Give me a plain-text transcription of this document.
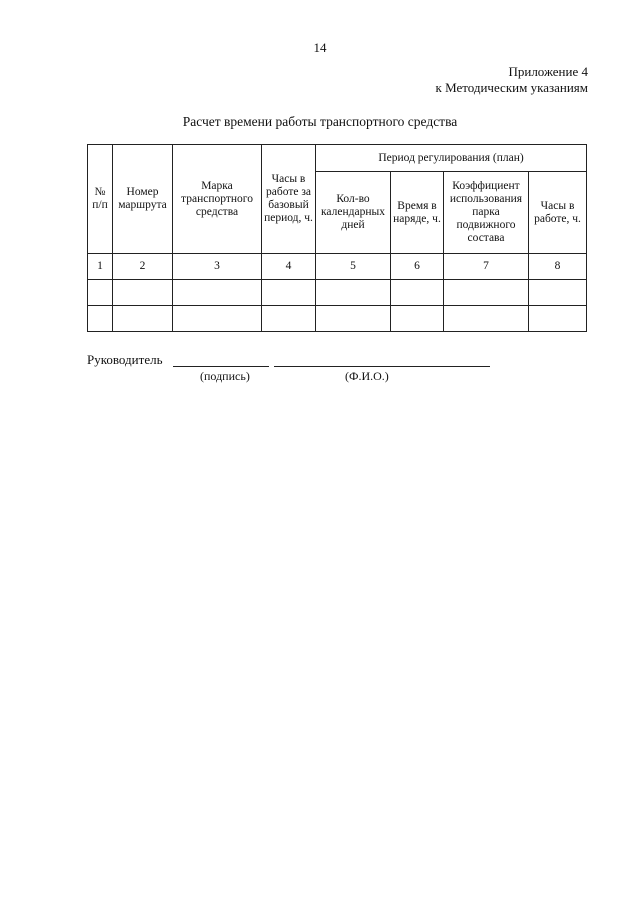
14
Приложение 4
к Методическим указаниям
Расчет времени работы транспортного средства
№ п/п	Номер маршрута	Марка транспортного средства	Часы в работе за базовый период, ч.	Период регулирования (план)			
				Кол-во календарных дней	Время в наряде, ч.	Коэффициент использования парка подвижного состава	Часы в работе, ч.
1	2	3	4	5	6	7	8

Руководитель
(подпись)	(Ф.И.О.)
